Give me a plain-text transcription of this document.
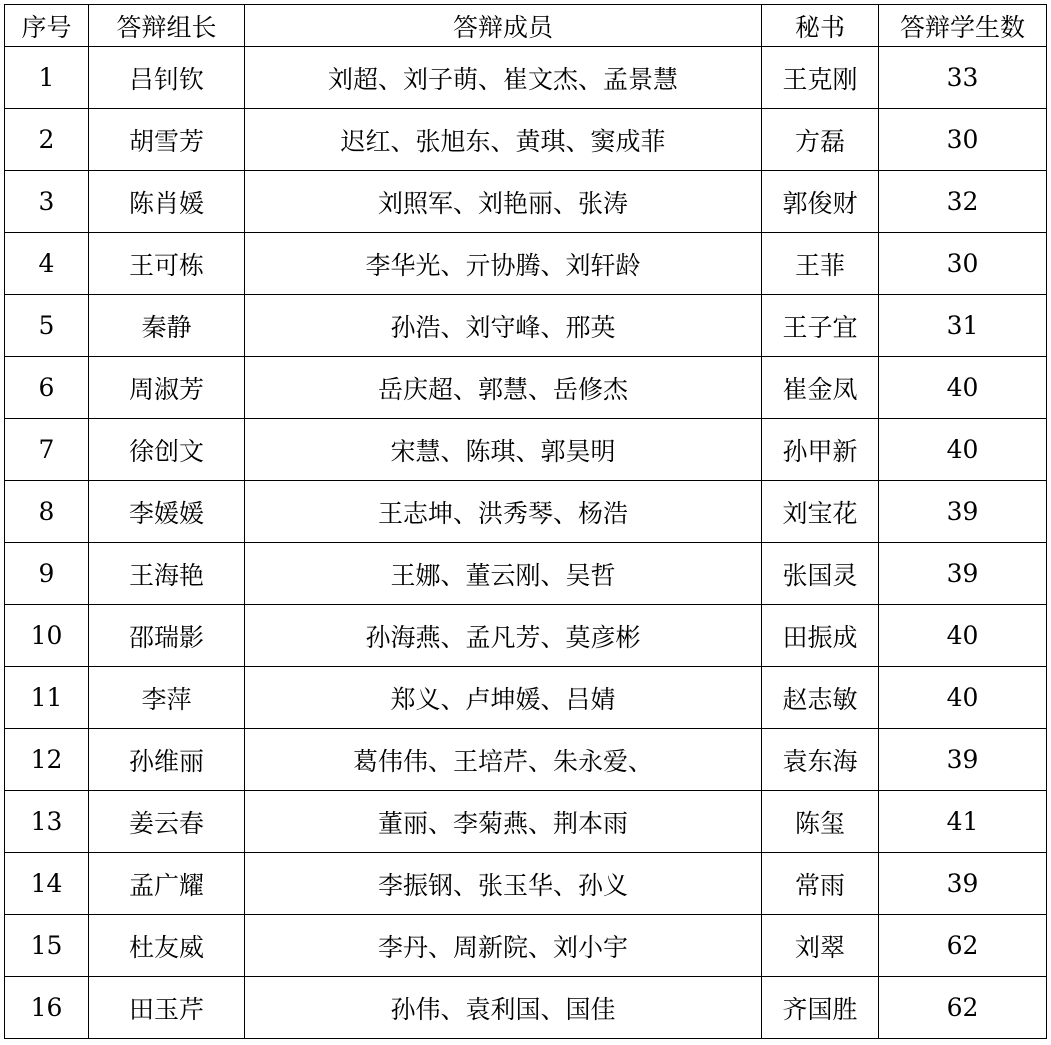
序号	答辩组长	答辩成员	秘书	答辩学生数
1	吕钊钦	刘超、刘子萌、崔文杰、孟景慧	王克刚	33
2	胡雪芳	迟红、张旭东、黄琪、窦成菲	方磊	30
3	陈肖媛	刘照军、刘艳丽、张涛	郭俊财	32
4	王可栋	李华光、亓协腾、刘轩龄	王菲	30
5	秦静	孙浩、刘守峰、邢英	王子宜	31
6	周淑芳	岳庆超、郭慧、岳修杰	崔金凤	40
7	徐创文	宋慧、陈琪、郭昊明	孙甲新	40
8	李媛媛	王志坤、洪秀琴、杨浩	刘宝花	39
9	王海艳	王娜、董云刚、吴哲	张国灵	39
10	邵瑞影	孙海燕、孟凡芳、莫彦彬	田振成	40
11	李萍	郑义、卢坤媛、吕婧	赵志敏	40
12	孙维丽	葛伟伟、王培芹、朱永爱、	袁东海	39
13	姜云春	董丽、李菊燕、荆本雨	陈玺	41
14	孟广耀	李振钢、张玉华、孙义	常雨	39
15	杜友威	李丹、周新院、刘小宇	刘翠	62
16	田玉芹	孙伟、袁利国、国佳	齐国胜	62
